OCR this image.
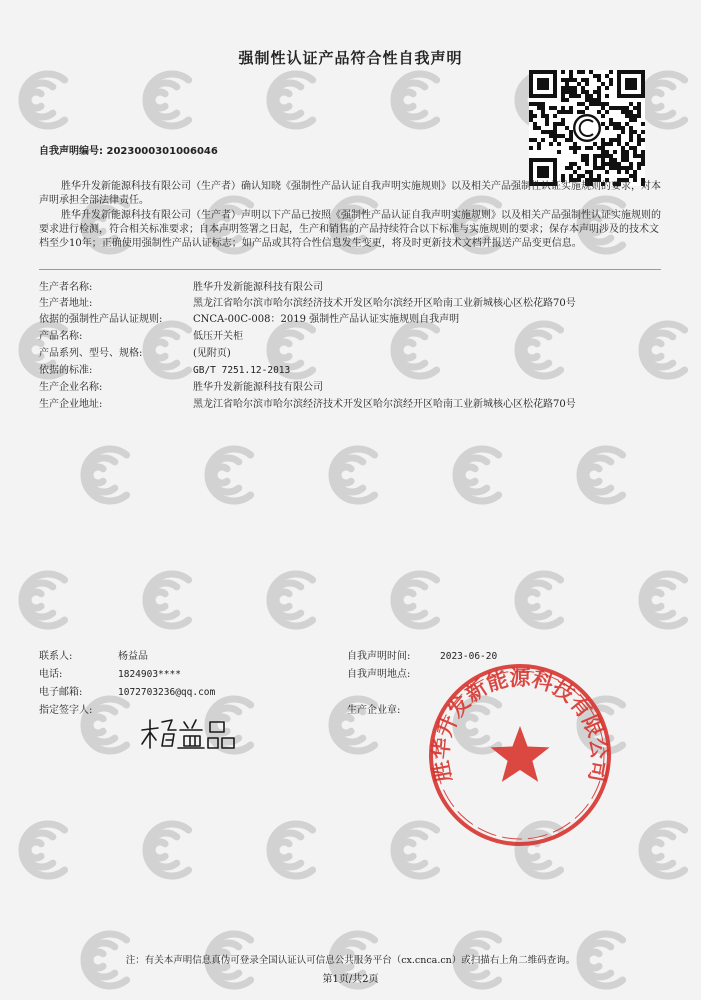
强制性认证产品符合性自我声明
自我声明编号: 2023000301006046
胜华升发新能源科技有限公司（生产者）确认知晓《强制性产品认证自我声明实施规则》以及相关产品强制性认证实施规则的要求，对本声明承担全部法律责任。
胜华升发新能源科技有限公司（生产者）声明以下产品已按照《强制性产品认证自我声明实施规则》以及相关产品强制性认证实施规则的要求进行检测，符合相关标准要求；自本声明签署之日起，生产和销售的产品持续符合以下标准与实施规则的要求；保存本声明涉及的技术文档至少10年；正确使用强制性产品认证标志；如产品或其符合性信息发生变更，将及时更新技术文档并报送产品变更信息。
生产者名称:	胜华升发新能源科技有限公司
生产者地址:	黑龙江省哈尔滨市哈尔滨经济技术开发区哈尔滨经开区哈南工业新城核心区松花路70号
依据的强制性产品认证规则:	CNCA-00C-008：2019 强制性产品认证实施规则自我声明
产品名称:	低压开关柜
产品系列、型号、规格:	(见附页)
依据的标准:	GB/T 7251.12-2013
生产企业名称:	胜华升发新能源科技有限公司
生产企业地址:	黑龙江省哈尔滨市哈尔滨经济技术开发区哈尔滨经开区哈南工业新城核心区松花路70号
联系人:	杨益品
电话:	1824903****
电子邮箱:	1072703236@qq.com
指定签字人:
自我声明时间:	2023-06-20
自我声明地点:
生产企业章:
胜华升发新能源科技有限公司
注：有关本声明信息真伪可登录全国认证认可信息公共服务平台（cx.cnca.cn）或扫描右上角二维码查询。
第1页/共2页
